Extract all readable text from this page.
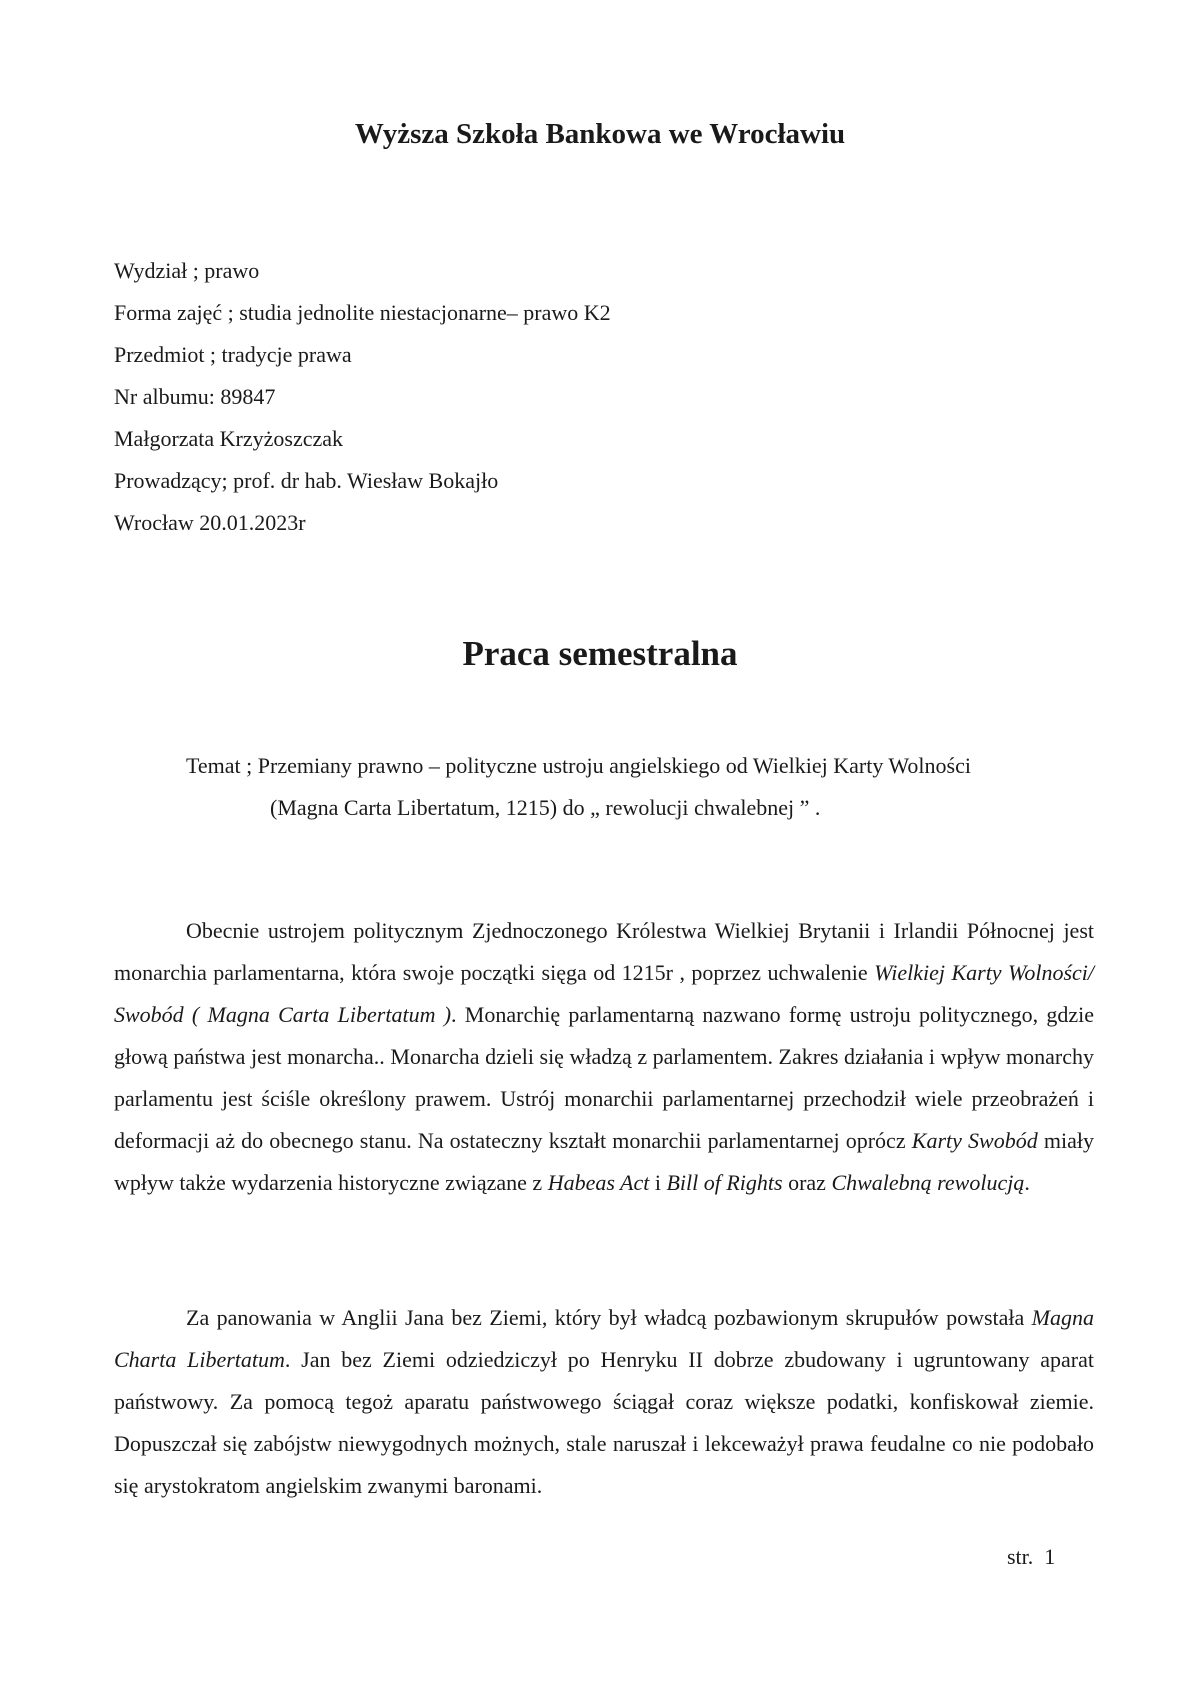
Wyższa Szkoła Bankowa we Wrocławiu
Wydział ; prawo
Forma zajęć ; studia jednolite niestacjonarne– prawo K2
Przedmiot ; tradycje prawa
Nr albumu: 89847
Małgorzata Krzyżoszczak
Prowadzący; prof. dr hab. Wiesław Bokajło
Wrocław 20.01.2023r
Praca semestralna
Temat ; Przemiany prawno – polityczne ustroju angielskiego od Wielkiej Karty Wolności
(Magna Carta Libertatum, 1215) do „ rewolucji chwalebnej ” .

Obecnie ustrojem politycznym Zjednoczonego Królestwa Wielkiej Brytanii i Irlandii Północnej jest monarchia parlamentarna, która swoje początki sięga od 1215r , poprzez uchwalenie Wielkiej Karty Wolności/ Swobód ( Magna Carta Libertatum ). Monarchię parlamentarną nazwano formę ustroju politycznego, gdzie głową państwa jest monarcha.. Monarcha dzieli się władzą z parlamentem. Zakres działania i wpływ monarchy parlamentu jest ściśle określony prawem. Ustrój monarchii parlamentarnej przechodził wiele przeobrażeń i deformacji aż do obecnego stanu. Na ostateczny kształt monarchii parlamentarnej oprócz Karty Swobód miały wpływ także wydarzenia historyczne związane z Habeas Act i Bill of Rights oraz Chwalebną rewolucją.

Za panowania w Anglii Jana bez Ziemi, który był władcą pozbawionym skrupułów powstała Magna Charta Libertatum. Jan bez Ziemi odziedziczył po Henryku II dobrze zbudowany i ugruntowany aparat państwowy. Za pomocą tegoż aparatu państwowego ściągał coraz większe podatki, konfiskował ziemie. Dopuszczał się zabójstw niewygodnych możnych, stale naruszał i lekceważył prawa feudalne co nie podobało się arystokratom angielskim zwanymi baronami.

str.  1
